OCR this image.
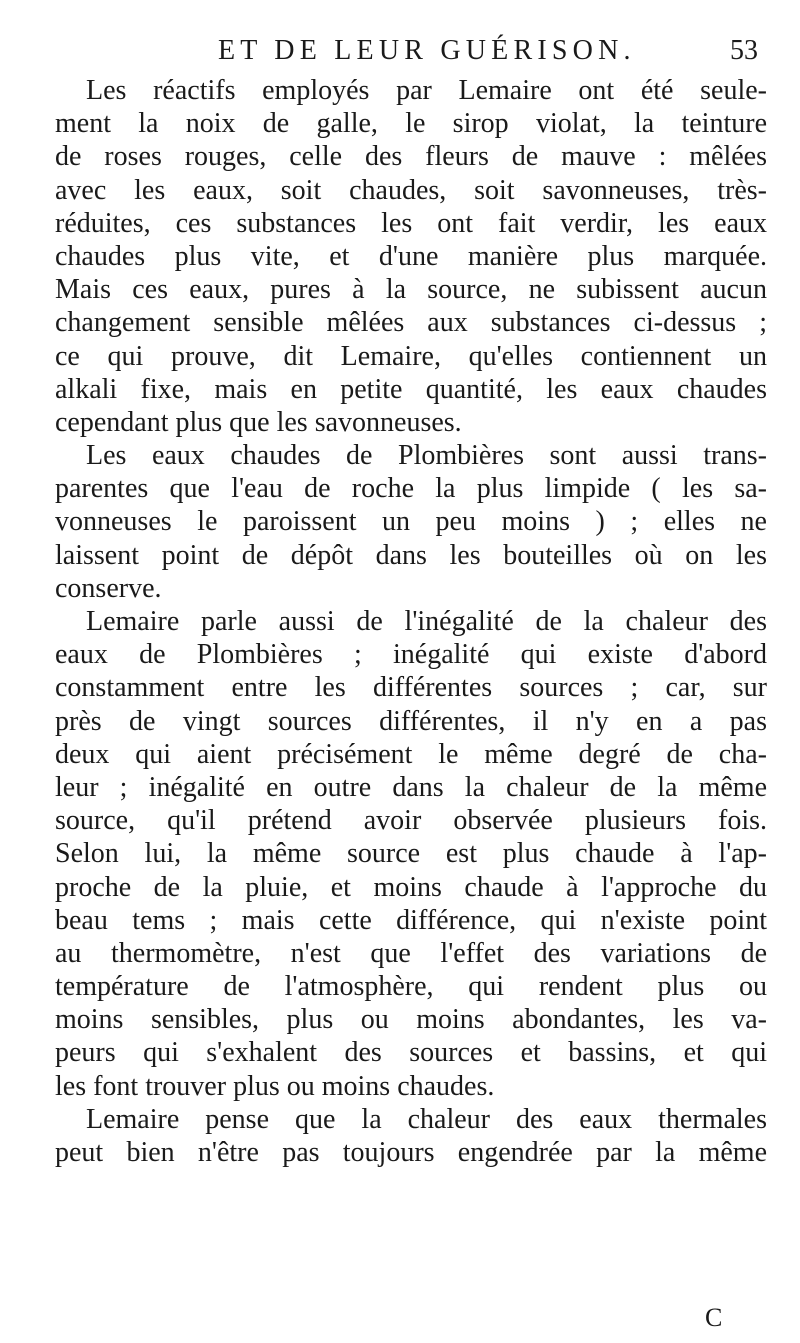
ET DE LEUR GUÉRISON.	53
Les réactifs employés par Lemaire ont été seule-
ment la noix de galle, le sirop violat, la teinture
de roses rouges, celle des fleurs de mauve : mêlées
avec les eaux, soit chaudes, soit savonneuses, très-
réduites, ces substances les ont fait verdir, les eaux
chaudes plus vite, et d'une manière plus marquée.
Mais ces eaux, pures à la source, ne subissent aucun
changement sensible mêlées aux substances ci-dessus ;
ce qui prouve, dit Lemaire, qu'elles contiennent un
alkali fixe, mais en petite quantité, les eaux chaudes
cependant plus que les savonneuses.
Les eaux chaudes de Plombières sont aussi trans-
parentes que l'eau de roche la plus limpide ( les sa-
vonneuses le paroissent un peu moins ) ; elles ne
laissent point de dépôt dans les bouteilles où on les
conserve.
Lemaire parle aussi de l'inégalité de la chaleur des
eaux de Plombières ; inégalité qui existe d'abord
constamment entre les différentes sources ; car, sur
près de vingt sources différentes, il n'y en a pas
deux qui aient précisément le même degré de cha-
leur ; inégalité en outre dans la chaleur de la même
source, qu'il prétend avoir observée plusieurs fois.
Selon lui, la même source est plus chaude à l'ap-
proche de la pluie, et moins chaude à l'approche du
beau tems ; mais cette différence, qui n'existe point
au thermomètre, n'est que l'effet des variations de
température de l'atmosphère, qui rendent plus ou
moins sensibles, plus ou moins abondantes, les va-
peurs qui s'exhalent des sources et bassins, et qui
les font trouver plus ou moins chaudes.
Lemaire pense que la chaleur des eaux thermales
peut bien n'être pas toujours engendrée par la même
C
